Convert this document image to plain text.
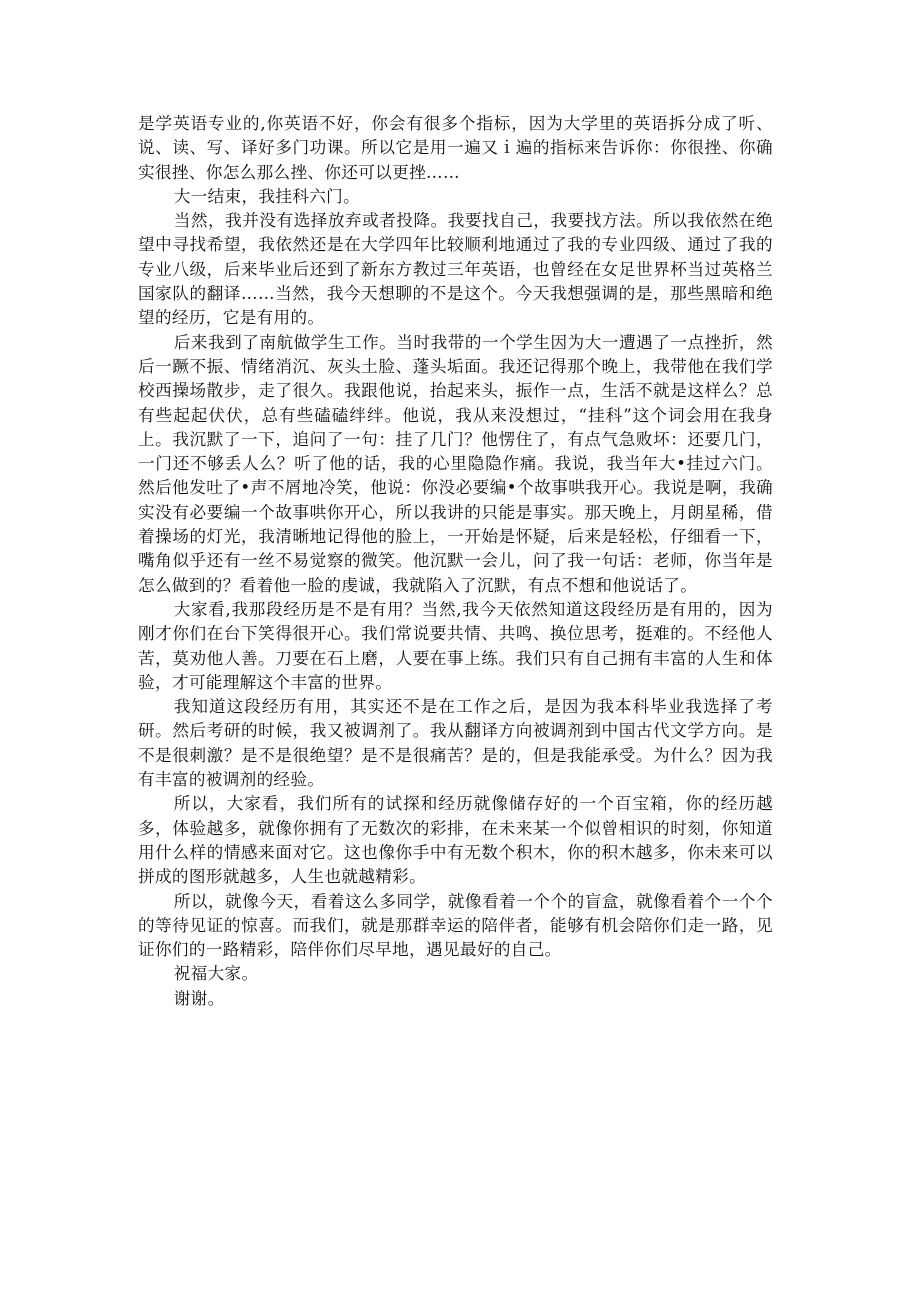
是学英语专业的,你英语不好，你会有很多个指标，因为大学里的英语拆分成了听、说、读、写、译好多门功课。所以它是用一遍又ｉ遍的指标来告诉你：你很挫、你确实很挫、你怎么那么挫、你还可以更挫……

大一结束，我挂科六门。

当然，我并没有选择放弃或者投降。我要找自己，我要找方法。所以我依然在绝望中寻找希望，我依然还是在大学四年比较顺利地通过了我的专业四级、通过了我的专业八级，后来毕业后还到了新东方教过三年英语，也曾经在女足世界杯当过英格兰国家队的翻译……当然，我今天想聊的不是这个。今天我想强调的是，那些黑暗和绝望的经历，它是有用的。

后来我到了南航做学生工作。当时我带的一个学生因为大一遭遇了一点挫折，然后一蹶不振、情绪消沉、灰头土脸、蓬头垢面。我还记得那个晚上，我带他在我们学校西操场散步，走了很久。我跟他说，抬起来头，振作一点，生活不就是这样么？总有些起起伏伏，总有些磕磕绊绊。他说，我从来没想过，“挂科”这个词会用在我身上。我沉默了一下，追问了一句：挂了几门？他愣住了，有点气急败坏：还要几门，一门还不够丢人么？听了他的话，我的心里隐隐作痛。我说，我当年大•挂过六门。然后他发吐了•声不屑地冷笑，他说：你没必要编•个故事哄我开心。我说是啊，我确实没有必要编一个故事哄你开心，所以我讲的只能是事实。那天晚上，月朗星稀，借着操场的灯光，我清晰地记得他的脸上，一开始是怀疑，后来是轻松，仔细看一下，嘴角似乎还有一丝不易觉察的微笑。他沉默一会儿，问了我一句话：老师，你当年是怎么做到的？看着他一脸的虔诚，我就陷入了沉默，有点不想和他说话了。

大家看,我那段经历是不是有用？当然,我今天依然知道这段经历是有用的，因为刚才你们在台下笑得很开心。我们常说要共情、共鸣、换位思考，挺难的。不经他人苦，莫劝他人善。刀要在石上磨，人要在事上练。我们只有自己拥有丰富的人生和体验，才可能理解这个丰富的世界。

我知道这段经历有用，其实还不是在工作之后，是因为我本科毕业我选择了考研。然后考研的时候，我又被调剂了。我从翻译方向被调剂到中国古代文学方向。是不是很刺激？是不是很绝望？是不是很痛苦？是的，但是我能承受。为什么？因为我有丰富的被调剂的经验。

所以，大家看，我们所有的试探和经历就像储存好的一个百宝箱，你的经历越多，体验越多，就像你拥有了无数次的彩排，在未来某一个似曾相识的时刻，你知道用什么样的情感来面对它。这也像你手中有无数个积木，你的积木越多，你未来可以拼成的图形就越多，人生也就越精彩。

所以，就像今天，看着这么多同学，就像看着一个个的盲盒，就像看着个一个个的等待见证的惊喜。而我们，就是那群幸运的陪伴者，能够有机会陪你们走一路，见证你们的一路精彩，陪伴你们尽早地，遇见最好的自己。

祝福大家。

谢谢。
